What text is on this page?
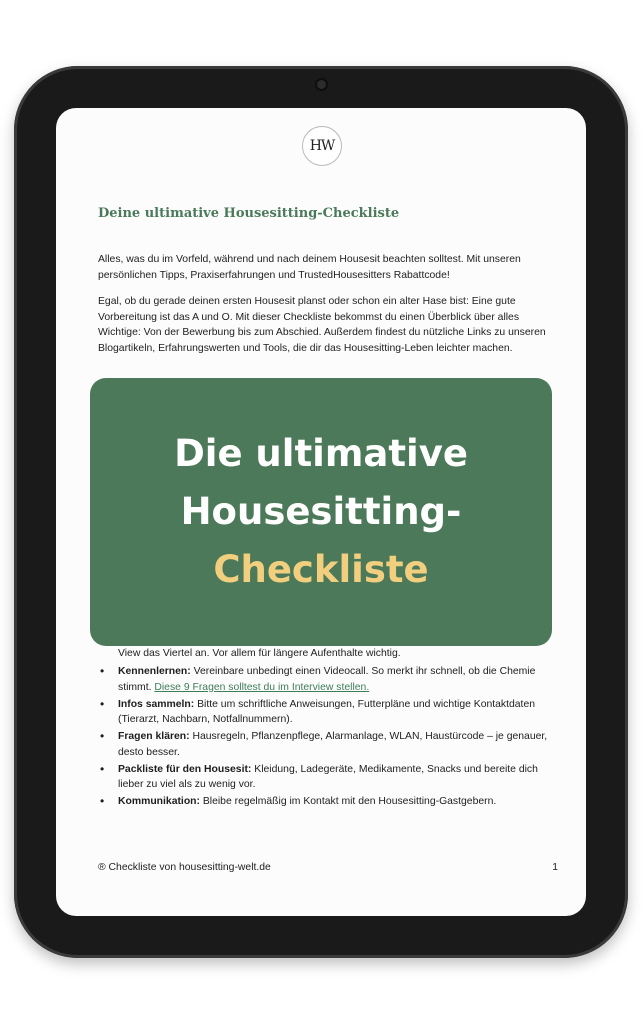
HW
Deine ultimative Housesitting-Checkliste

Alles, was du im Vorfeld, während und nach deinem Housesit beachten solltest. Mit unseren persönlichen Tipps, Praxiserfahrungen und TrustedHousesitters Rabattcode!

Egal, ob du gerade deinen ersten Housesit planst oder schon ein alter Hase bist: Eine gute Vorbereitung ist das A und O. Mit dieser Checkliste bekommst du einen Überblick über alles Wichtige: Von der Bewerbung bis zum Abschied. Außerdem findest du nützliche Links zu unseren Blogartikeln, Erfahrungswerten und Tools, die dir das Housesitting-Leben leichter machen.

Die ultimative
Housesitting-
Checkliste
View das Viertel an. Vor allem für längere Aufenthalte wichtig.
• Kennenlernen: Vereinbare unbedingt einen Videocall. So merkt ihr schnell, ob die Chemie stimmt. Diese 9 Fragen solltest du im Interview stellen.
• Infos sammeln: Bitte um schriftliche Anweisungen, Futterpläne und wichtige Kontaktdaten (Tierarzt, Nachbarn, Notfallnummern).
• Fragen klären: Hausregeln, Pflanzenpflege, Alarmanlage, WLAN, Haustürcode – je genauer, desto besser.
• Packliste für den Housesit: Kleidung, Ladegeräte, Medikamente, Snacks und bereite dich lieber zu viel als zu wenig vor.
• Kommunikation: Bleibe regelmäßig im Kontakt mit den Housesitting-Gastgebern.
® Checkliste von housesitting-welt.de	1
